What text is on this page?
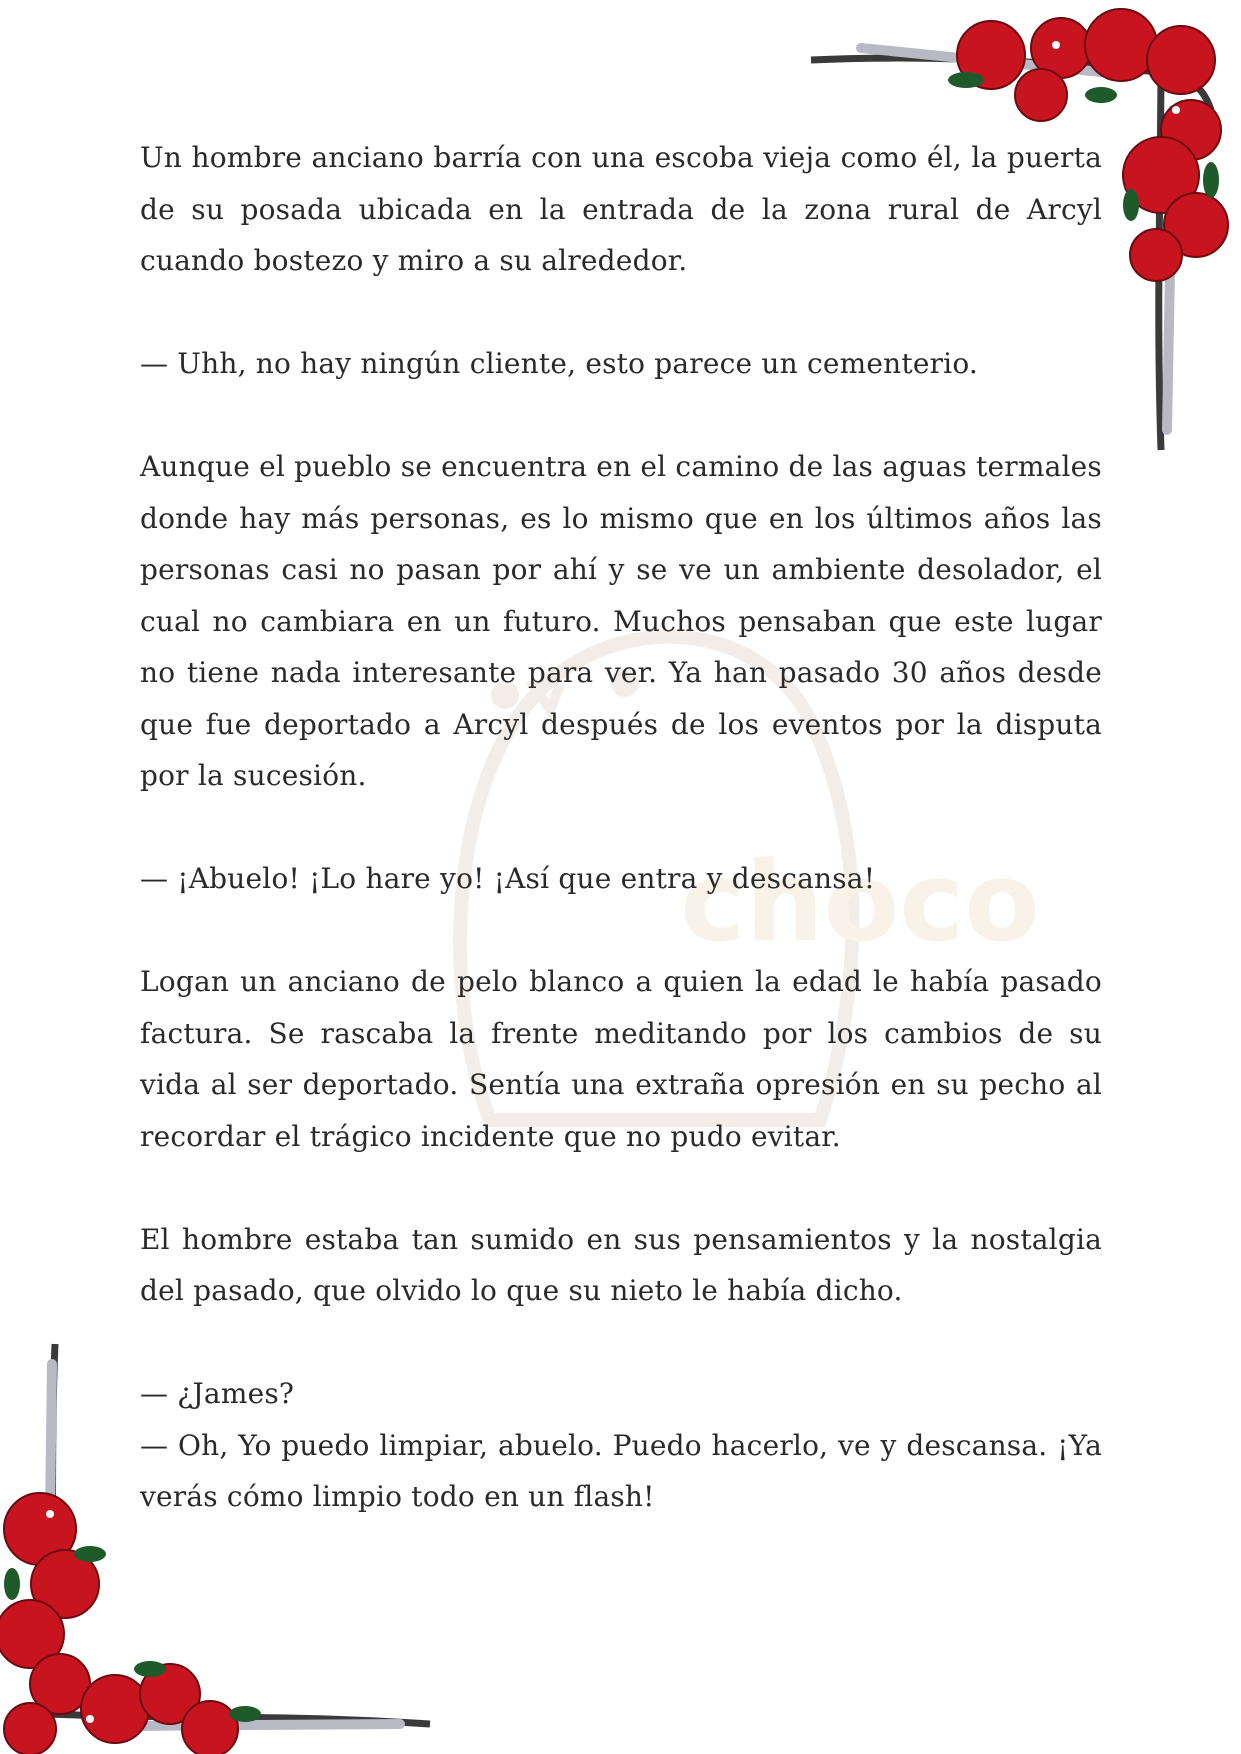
choco

Un hombre anciano barría con una escoba vieja como él, la puerta de su posada ubicada en la entrada de la zona rural de Arcyl cuando bostezo y miro a su alrededor.

— Uhh, no hay ningún cliente, esto parece un cementerio.

Aunque el pueblo se encuentra en el camino de las aguas termales donde hay más personas, es lo mismo que en los últimos años las personas casi no pasan por ahí y se ve un ambiente desolador, el cual no cambiara en un futuro. Muchos pensaban que este lugar no tiene nada interesante para ver. Ya han pasado 30 años desde que fue deportado a Arcyl después de los eventos por la disputa por la sucesión.

— ¡Abuelo! ¡Lo hare yo! ¡Así que entra y descansa!

Logan un anciano de pelo blanco a quien la edad le había pasado factura. Se rascaba la frente meditando por los cambios de su vida al ser deportado. Sentía una extraña opresión en su pecho al recordar el trágico incidente que no pudo evitar.

El hombre estaba tan sumido en sus pensamientos y la nostalgia del pasado, que olvido lo que su nieto le había dicho.

— ¿James?

— Oh, Yo puedo limpiar, abuelo. Puedo hacerlo, ve y descansa. ¡Ya verás cómo limpio todo en un flash!
